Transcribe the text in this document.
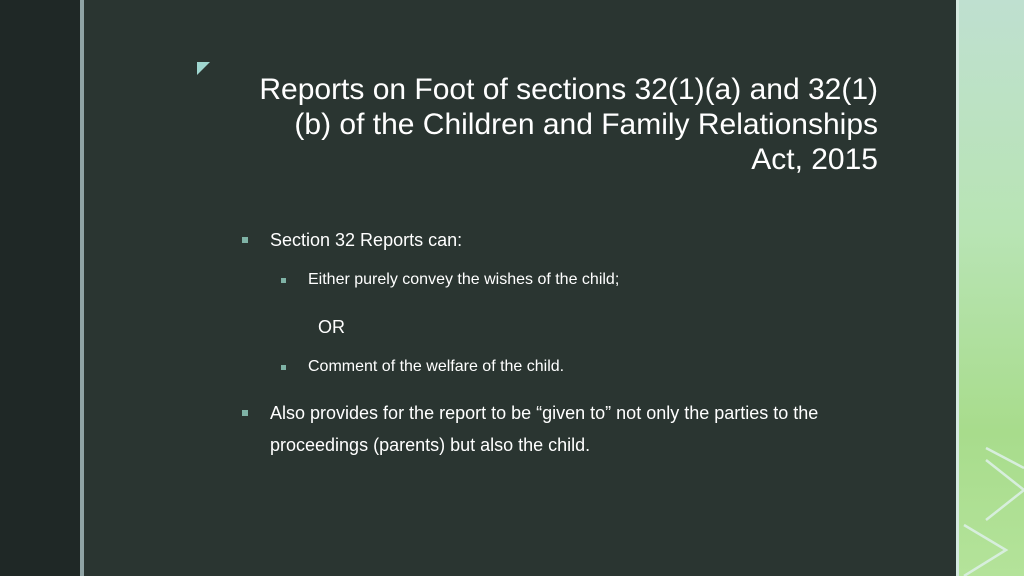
Reports on Foot of sections 32(1)(a) and 32(1)(b) of the Children and Family Relationships Act, 2015
Section 32 Reports can:
Either purely convey the wishes of the child;
OR
Comment of the welfare of the child.
Also provides for the report to be “given to” not only the parties to the proceedings (parents) but also the child.
